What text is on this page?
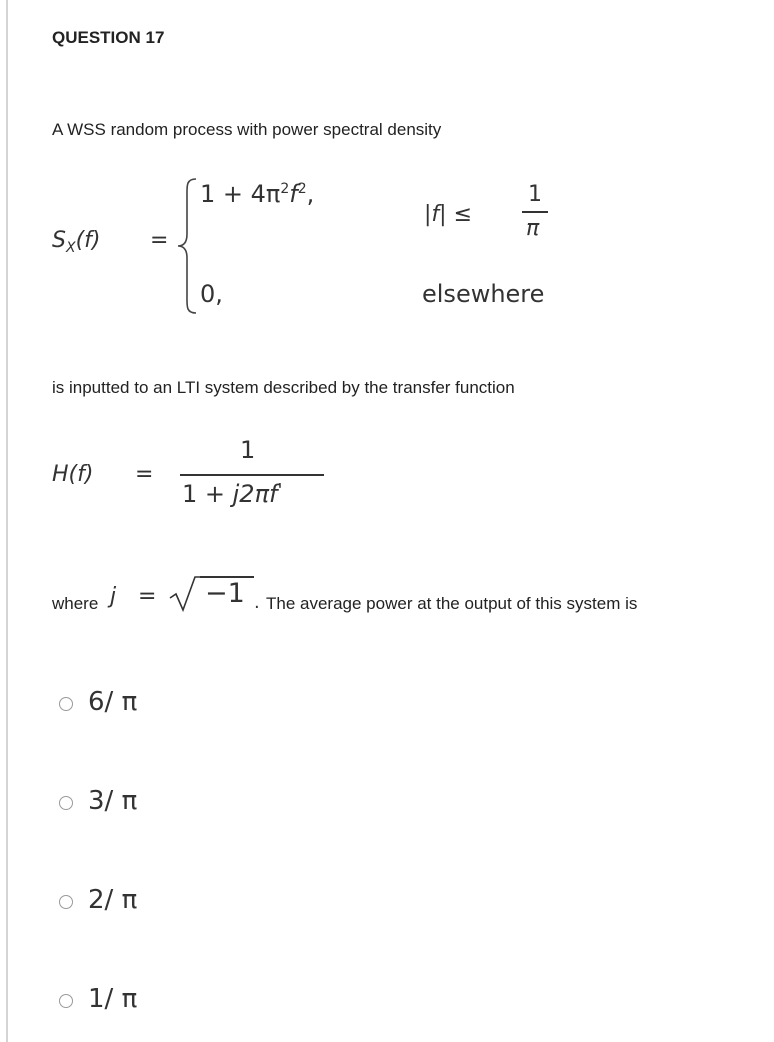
QUESTION 17
A WSS random process with power spectral density
$S_X(f)$ =
$1 + 4\pi^2f^2$,
|f| ≤
1
π
0,	elsewhere
is inputted to an LTI system described by the transfer function
H(f) =
1
1 + j2πf'
where j = −1 . The average power at the output of this system is
6/ π
3/ π
2/ π
1/ π
